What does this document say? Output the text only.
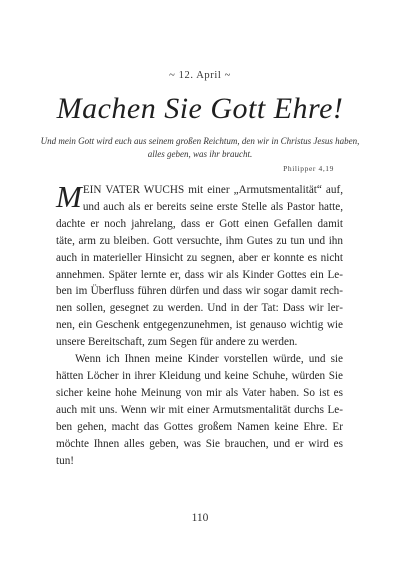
~ 12. April ~
Machen Sie Gott Ehre!
Und mein Gott wird euch aus seinem großen Reichtum, den wir in Christus Jesus haben, alles geben, was ihr braucht.
Philipper 4,19

MEIN VATER WUCHS mit einer „Armutsmentalität“ auf, und auch als er bereits seine erste Stelle als Pastor hatte, dachte er noch jahrelang, dass er Gott einen Gefallen damit täte, arm zu bleiben. Gott versuchte, ihm Gutes zu tun und ihn auch in materieller Hinsicht zu segnen, aber er konnte es nicht annehmen. Später lernte er, dass wir als Kinder Gottes ein Leben im Überfluss führen dürfen und dass wir sogar damit rechnen sollen, gesegnet zu werden. Und in der Tat: Dass wir lernen, ein Geschenk entgegenzunehmen, ist genauso wichtig wie unsere Bereitschaft, zum Segen für andere zu werden.

Wenn ich Ihnen meine Kinder vorstellen würde, und sie hätten Löcher in ihrer Kleidung und keine Schuhe, würden Sie sicher keine hohe Meinung von mir als Vater haben. So ist es auch mit uns. Wenn wir mit einer Armutsmentalität durchs Leben gehen, macht das Gottes großem Namen keine Ehre. Er möchte Ihnen alles geben, was Sie brauchen, und er wird es tun!

110
